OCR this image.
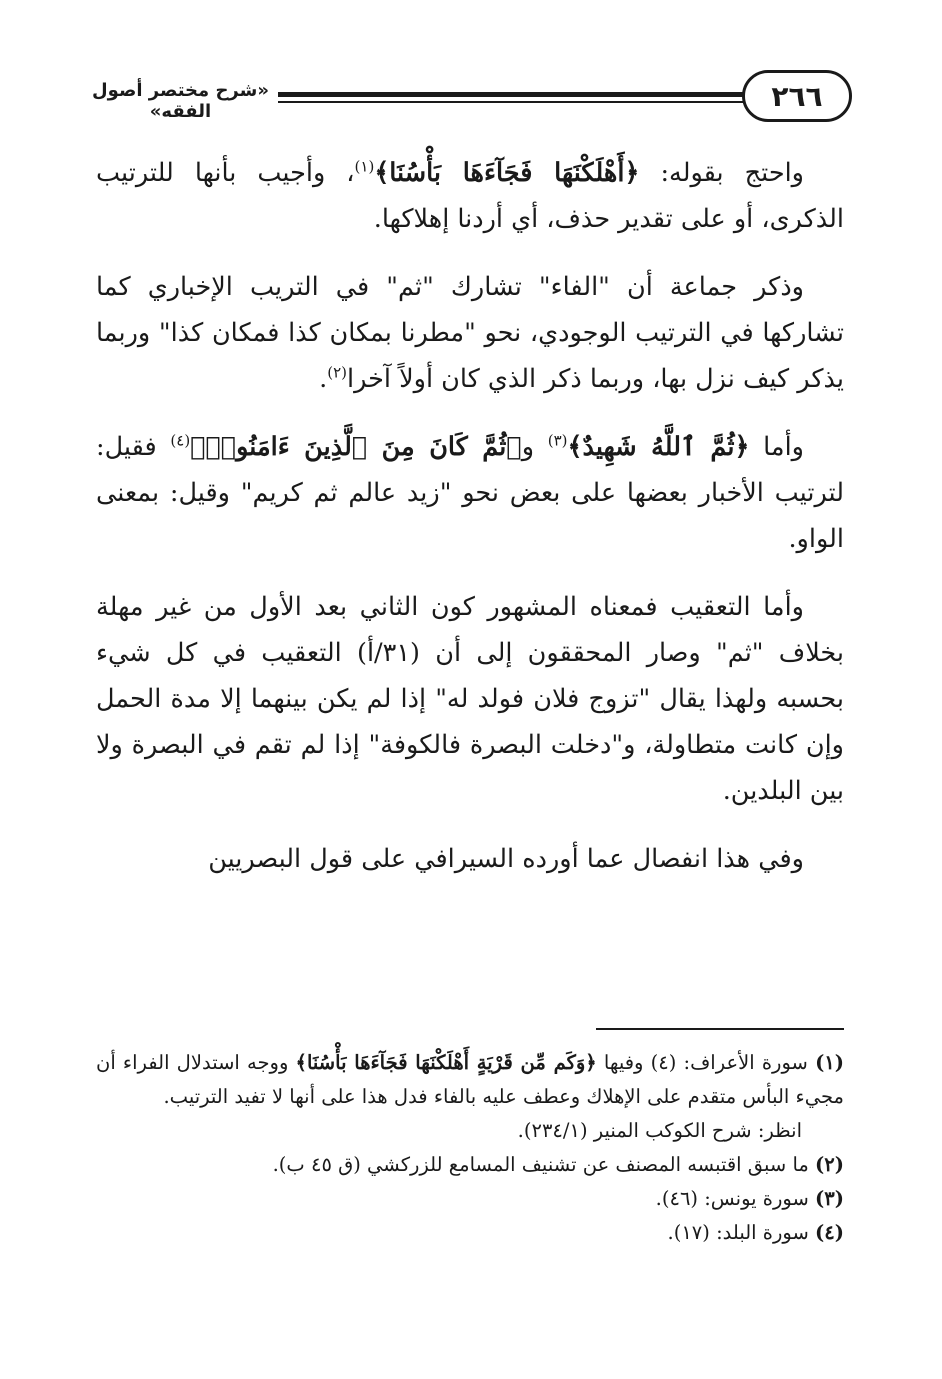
٢٦٦
«شرح مختصر أصول الفقه»

واحتج بقوله: ﴿أَهْلَكْنَهَا فَجَآءَهَا بَأْسُنَا﴾$^{(١)}$، وأجيب بأنها للترتيب الذكرى، أو على تقدير حذف، أي أردنا إهلاكها.

وذكر جماعة أن "الفاء" تشارك "ثم" في التريب الإخباري كما تشاركها في الترتيب الوجودي، نحو "مطرنا بمكان كذا فمكان كذا" وربما يذكر كيف نزل بها، وربما ذكر الذي كان أولاً آخرا$^{(٢)}$.

وأما ﴿ثُمَّ ٱللَّهُ شَهِيدٌ﴾$^{(٣)}$ و﴿ثُمَّ كَانَ مِنَ ٱلَّذِينَ ءَامَنُوا۟﴾$^{(٤)}$ فقيل: لترتيب الأخبار بعضها على بعض نحو "زيد عالم ثم كريم" وقيل: بمعنى الواو.

وأما التعقيب فمعناه المشهور كون الثاني بعد الأول من غير مهلة بخلاف "ثم" وصار المحققون إلى أن (٣١/أ) التعقيب في كل شيء بحسبه ولهذا يقال "تزوج فلان فولد له" إذا لم يكن بينهما إلا مدة الحمل وإن كانت متطاولة، و"دخلت البصرة فالكوفة" إذا لم تقم في البصرة ولا بين البلدين.

وفي هذا انفصال عما أورده السيرافي على قول البصريين

(١) سورة الأعراف: (٤) وفيها ﴿وَكَم مِّن قَرْيَةٍ أَهْلَكْنَهَا فَجَآءَهَا بَأْسُنَا﴾ ووجه استدلال الفراء أن مجيء البأس متقدم على الإهلاك وعطف عليه بالفاء فدل هذا على أنها لا تفيد الترتيب.

انظر: شرح الكوكب المنير (٢٣٤/١).

(٢) ما سبق اقتبسه المصنف عن تشنيف المسامع للزركشي (ق ٤٥ ب).

(٣) سورة يونس: (٤٦).

(٤) سورة البلد: (١٧).
